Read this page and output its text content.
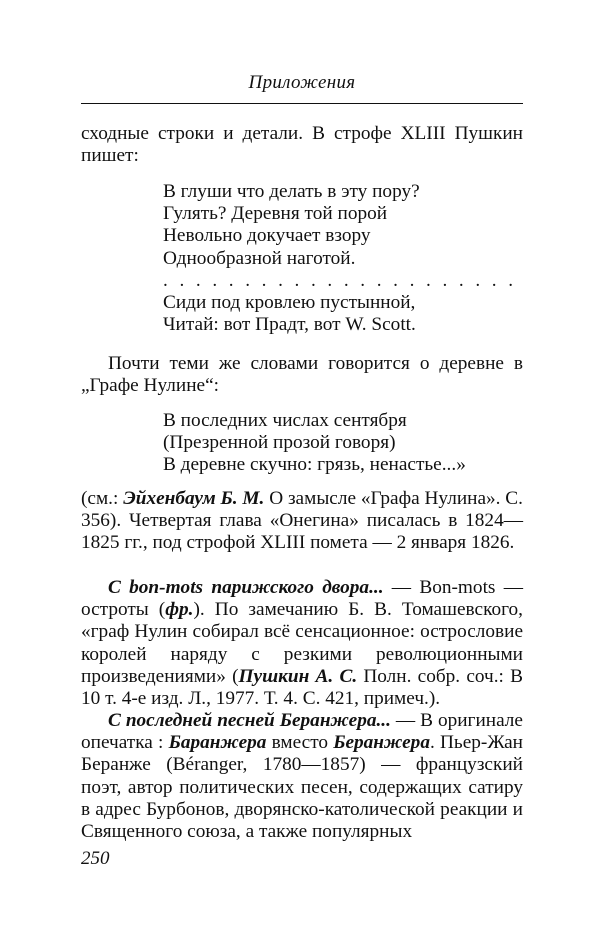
Приложения
сходные строки и детали. В строфе XLIII Пушкин
пишет:
В глуши что делать в эту пору?
Гулять? Деревня той порой
Невольно докучает взору
Однообразной наготой.
. . . . . . . . . . . . . . . . . . . . . .
Сиди под кровлею пустынной,
Читай: вот Прадт, вот W. Scott.

Почти теми же словами говорится о деревне в „Графе Нулине“:

В последних числах сентября
(Презренной прозой говоря)
В деревне скучно: грязь, ненастье...»

(см.: Эйхенбаум Б. М. О замысле «Графа Нулина». С. 356). Четвертая глава «Онегина» писалась в 1824—1825 гг., под строфой XLIII помета — 2 января 1826.

С bon-mots парижского двора... — Bon-mots — остроты (фр.). По замечанию Б. В. Томашевского, «граф Нулин собирал всё сенсационное: острословие королей наряду с резкими революционными произведениями» (Пушкин А. С. Полн. собр. соч.: В 10 т. 4-е изд. Л., 1977. Т. 4. С. 421, примеч.).

С последней песней Беранжера... — В оригинале опечатка : Баранжера вместо Беранжера. Пьер-Жан Беранже (Béranger, 1780—1857) — французский поэт, автор политических песен, содержащих сатиру в адрес Бурбонов, дворянско-католической реакции и Священного союза, а также популярных

250
